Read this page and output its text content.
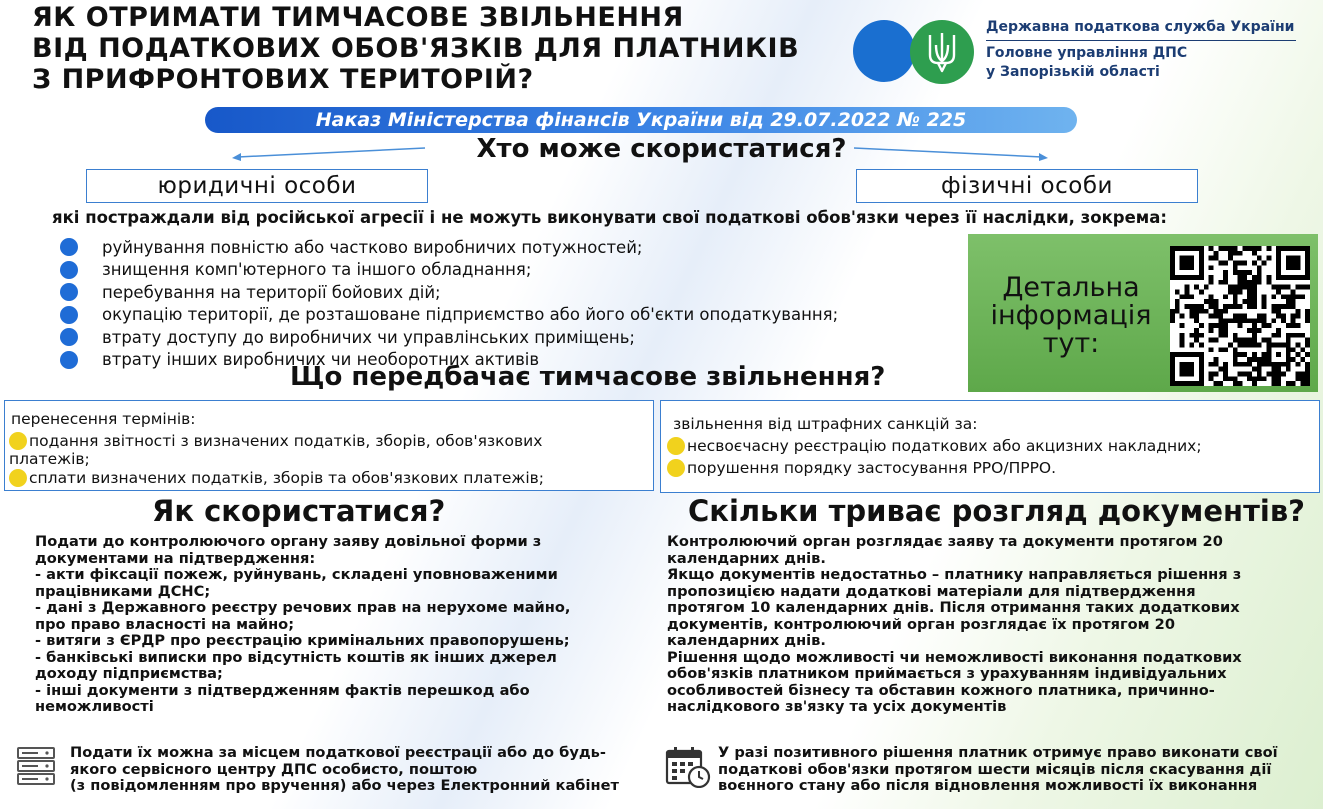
ЯК ОТРИМАТИ ТИМЧАСОВЕ ЗВІЛЬНЕННЯ
ВІД ПОДАТКОВИХ ОБОВ'ЯЗКІВ ДЛЯ ПЛАТНИКІВ
З ПРИФРОНТОВИХ ТЕРИТОРІЙ?
Державна податкова служба України
Головне управління ДПС
у Запорізькій області
Наказ Міністерства фінансів України від 29.07.2022 № 225
Хто може скористатися?
юридичні особи	фізичні особи
які постраждали від російської агресії і не можуть виконувати свої податкові обов'язки через її наслідки, зокрема:
руйнування повністю або частково виробничих потужностей;
знищення комп'ютерного та іншого обладнання;
перебування на території бойових дій;
окупацію території, де розташоване підприємство або його об'єкти оподаткування;
втрату доступу до виробничих чи управлінських приміщень;
втрату інших виробничих чи необоротних активів
Детальна
інформація
тут:
Що передбачає тимчасове звільнення?
перенесення термінів:
подання звітності з визначених податків, зборів, обов'язкових
платежів;
сплати визначених податків, зборів та обов'язкових платежів;
звільнення від штрафних санкцій за:
несвоєчасну реєстрацію податкових або акцизних накладних;
порушення порядку застосування РРО/ПРРО.
Як скористатися?
Подати до контролюючого органу заяву довільної форми з
документами на підтвердження:
- акти фіксації пожеж, руйнувань, складені уповноваженими
працівниками ДСНС;
- дані з Державного реєстру речових прав на нерухоме майно,
про право власності на майно;
- витяги з ЄРДР про реєстрацію кримінальних правопорушень;
- банківські виписки про відсутність коштів як інших джерел
доходу підприємства;
- інші документи з підтвердженням фактів перешкод або
неможливості
Подати їх можна за місцем податкової реєстрації або до будь-
якого сервісного центру ДПС особисто, поштою
(з повідомленням про вручення) або через Електронний кабінет
Скільки триває розгляд документів?
Контролюючий орган розглядає заяву та документи протягом 20
календарних днів.
Якщо документів недостатньо – платнику направляється рішення з
пропозицією надати додаткові матеріали для підтвердження
протягом 10 календарних днів. Після отримання таких додаткових
документів, контролюючий орган розглядає їх протягом 20
календарних днів.
Рішення щодо можливості чи неможливості виконання податкових
обов'язків платником приймається з урахуванням індивідуальних
особливостей бізнесу та обставин кожного платника, причинно-
наслідкового зв'язку та усіх документів
У разі позитивного рішення платник отримує право виконати свої
податкові обов'язки протягом шести місяців після скасування дії
воєнного стану або після відновлення можливості їх виконання
